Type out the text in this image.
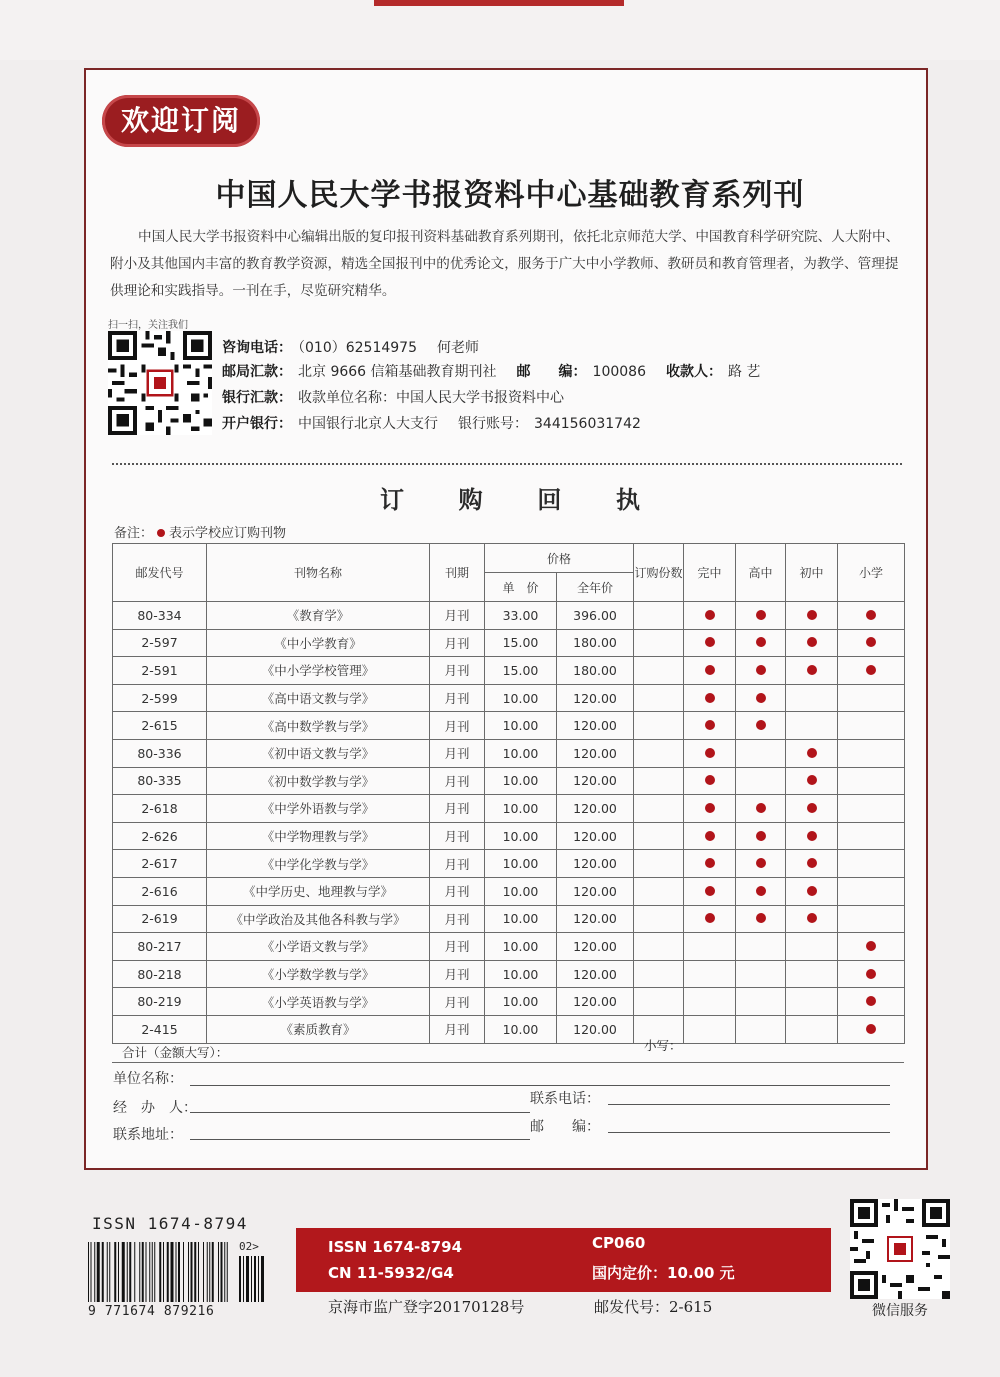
欢迎订阅
中国人民大学书报资料中心基础教育系列刊
中国人民大学书报资料中心编辑出版的复印报刊资料基础教育系列期刊，依托北京师范大学、中国教育科学研究院、人大附中、附小及其他国内丰富的教育教学资源，精选全国报刊中的优秀论文，服务于广大中小学教师、教研员和教育管理者，为教学、管理提供理论和实践指导。一刊在手，尽览研究精华。
扫一扫，关注我们
咨询电话： （010）62514975　 何老师
邮局汇款： 北京 9666 信箱基础教育期刊社　 邮　　编： 100086　 收款人： 路 艺
银行汇款： 收款单位名称：中国人民大学书报资料中心
开户银行： 中国银行北京人大支行　 银行账号： 344156031742
订 购 回 执
备注： 表示学校应订购刊物
邮发代号	刊物名称	刊期	价格		订购份数	完中	高中	初中	小学
			单　价	全年价					
80-334	《教育学》	月刊	33.00	396.00					
2-597	《中小学教育》	月刊	15.00	180.00					
2-591	《中小学学校管理》	月刊	15.00	180.00					
2-599	《高中语文教与学》	月刊	10.00	120.00					
2-615	《高中数学教与学》	月刊	10.00	120.00					
80-336	《初中语文教与学》	月刊	10.00	120.00					
80-335	《初中数学教与学》	月刊	10.00	120.00					
2-618	《中学外语教与学》	月刊	10.00	120.00					
2-626	《中学物理教与学》	月刊	10.00	120.00					
2-617	《中学化学教与学》	月刊	10.00	120.00					
2-616	《中学历史、地理教与学》	月刊	10.00	120.00					
2-619	《中学政治及其他各科教与学》	月刊	10.00	120.00					
80-217	《小学语文教与学》	月刊	10.00	120.00					
80-218	《小学数学教与学》	月刊	10.00	120.00					
80-219	《小学英语教与学》	月刊	10.00	120.00					
2-415	《素质教育》	月刊	10.00	120.00					
合计（金额大写）：	小写：
单位名称：
经　办　人：
联系电话：
联系地址：	邮　　编：
ISSN 1674-8794
02>
9 771674 879216
ISSN 1674-8794
CN 11-5932/G4
CP060
国内定价：10.00 元
京海市监广登字20170128号	邮发代号：2-615	微信服务
